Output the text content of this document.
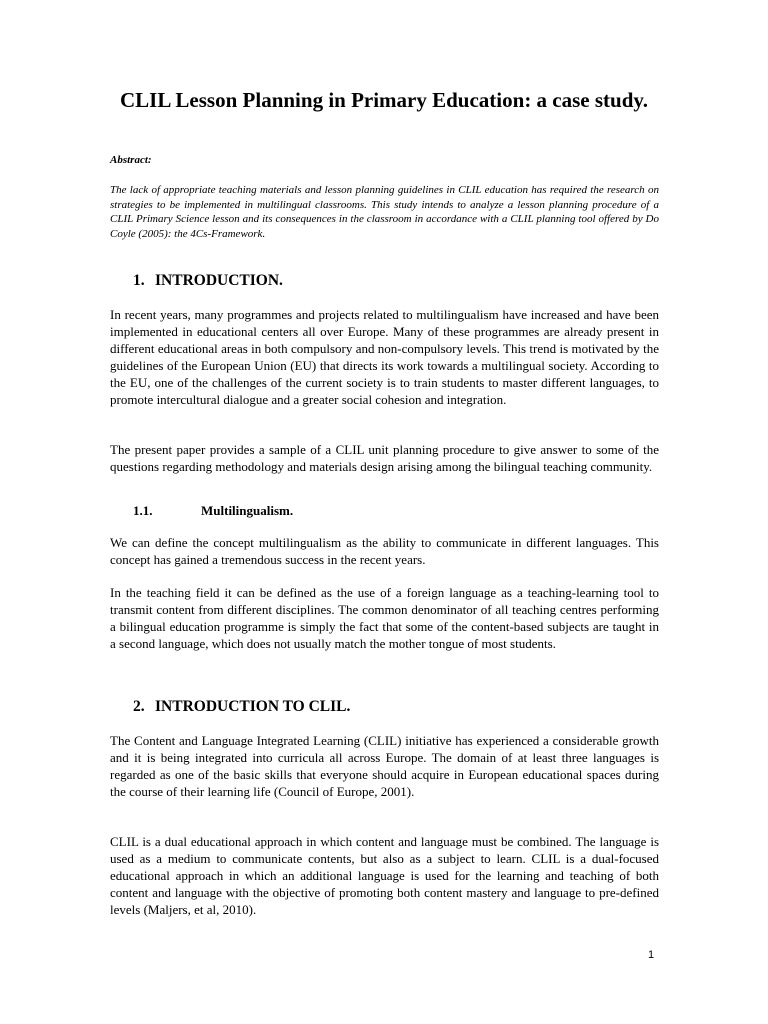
CLIL Lesson Planning in Primary Education: a case study.
Abstract:
The lack of appropriate teaching materials and lesson planning guidelines in CLIL education has required the research on strategies to be implemented in multilingual classrooms. This study intends to analyze a lesson planning procedure of a CLIL Primary Science lesson and its consequences in the classroom in accordance with a CLIL planning tool offered by Do Coyle (2005): the 4Cs-Framework.
1. INTRODUCTION.

In recent years, many programmes and projects related to multilingualism have increased and have been implemented in educational centers all over Europe. Many of these programmes are already present in different educational areas in both compulsory and non-compulsory levels. This trend is motivated by the guidelines of the European Union (EU) that directs its work towards a multilingual society. According to the EU, one of the challenges of the current society is to train students to master different languages, to promote intercultural dialogue and a greater social cohesion and integration.

The present paper provides a sample of a CLIL unit planning procedure to give answer to some of the questions regarding methodology and materials design arising among the bilingual teaching community.

1.1.	Multilingualism.

We can define the concept multilingualism as the ability to communicate in different languages. This concept has gained a tremendous success in the recent years.

In the teaching field it can be defined as the use of a foreign language as a teaching-learning tool to transmit content from different disciplines. The common denominator of all teaching centres performing a bilingual education programme is simply the fact that some of the content-based subjects are taught in a second language, which does not usually match the mother tongue of most students.

2. INTRODUCTION TO CLIL.

The Content and Language Integrated Learning (CLIL) initiative has experienced a considerable growth and it is being integrated into curricula all across Europe. The domain of at least three languages is regarded as one of the basic skills that everyone should acquire in European educational spaces during the course of their learning life (Council of Europe, 2001).

CLIL is a dual educational approach in which content and language must be combined. The language is used as a medium to communicate contents, but also as a subject to learn. CLIL is a dual-focused educational approach in which an additional language is used for the learning and teaching of both content and language with the objective of promoting both content mastery and language to pre-defined levels (Maljers, et al, 2010).

1
